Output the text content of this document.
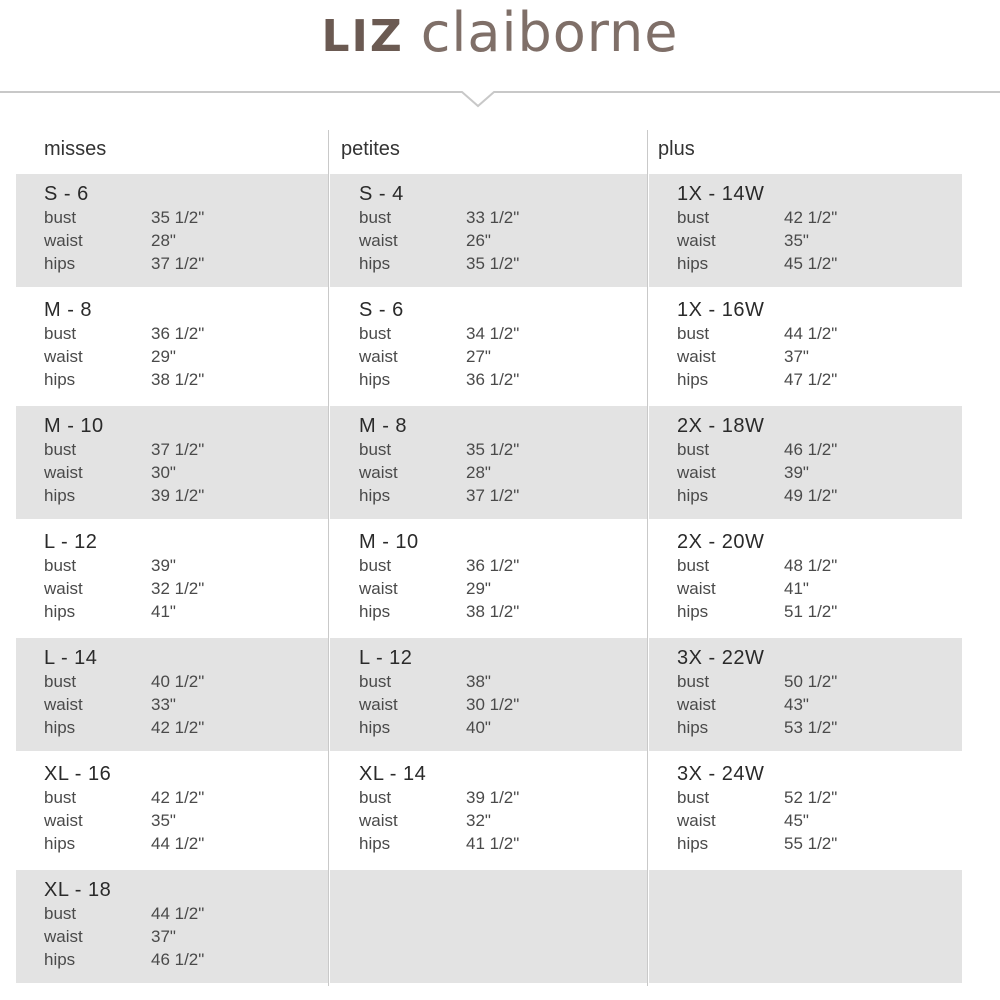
LIZ claiborne
misses
S - 6
bust	35 1/2"
waist	28"
hips	37 1/2"
M - 8
bust	36 1/2"
waist	29"
hips	38 1/2"
M - 10
bust	37 1/2"
waist	30"
hips	39 1/2"
L - 12
bust	39"
waist	32 1/2"
hips	41"
L - 14
bust	40 1/2"
waist	33"
hips	42 1/2"
XL - 16
bust	42 1/2"
waist	35"
hips	44 1/2"
XL - 18
bust	44 1/2"
waist	37"
hips	46 1/2"
petites
S - 4
bust	33 1/2"
waist	26"
hips	35 1/2"
S - 6
bust	34 1/2"
waist	27"
hips	36 1/2"
M - 8
bust	35 1/2"
waist	28"
hips	37 1/2"
M - 10
bust	36 1/2"
waist	29"
hips	38 1/2"
L - 12
bust	38"
waist	30 1/2"
hips	40"
XL - 14
bust	39 1/2"
waist	32"
hips	41 1/2"
plus
1X - 14W
bust	42 1/2"
waist	35"
hips	45 1/2"
1X - 16W
bust	44 1/2"
waist	37"
hips	47 1/2"
2X - 18W
bust	46 1/2"
waist	39"
hips	49 1/2"
2X - 20W
bust	48 1/2"
waist	41"
hips	51 1/2"
3X - 22W
bust	50 1/2"
waist	43"
hips	53 1/2"
3X - 24W
bust	52 1/2"
waist	45"
hips	55 1/2"
